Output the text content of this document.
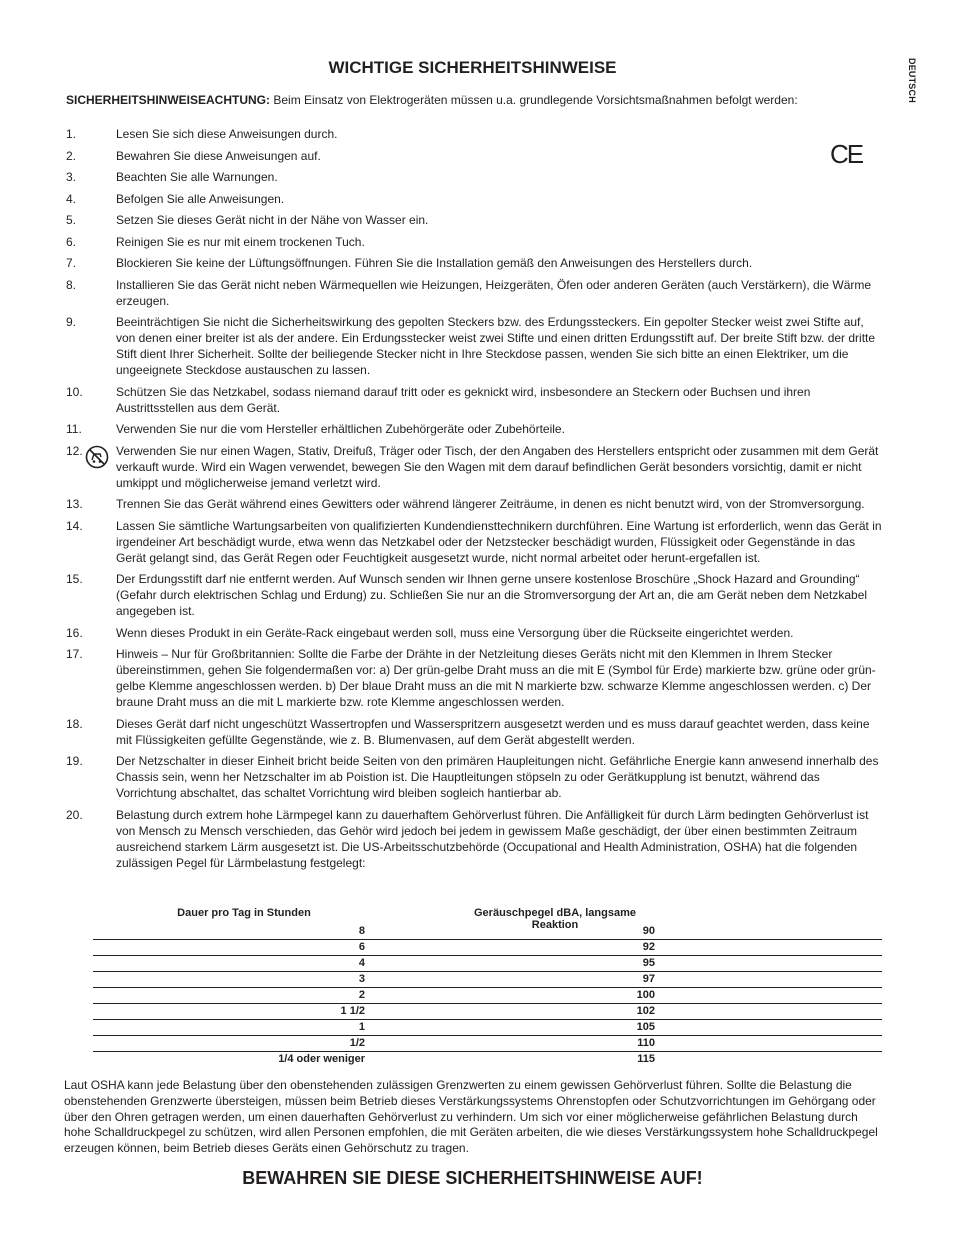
DEUTSCH
WICHTIGE SICHERHEITSHINWEISE
SICHERHEITSHINWEISEACHTUNG: Beim Einsatz von Elektrogeräten müssen u.a. grundlegende Vorsichtsmaßnahmen befolgt werden:
CE
1.	Lesen Sie sich diese Anweisungen durch.
2.	Bewahren Sie diese Anweisungen auf.
3.	Beachten Sie alle Warnungen.
4.	Befolgen Sie alle Anweisungen.
5.	Setzen Sie dieses Gerät nicht in der Nähe von Wasser ein.
6.	Reinigen Sie es nur mit einem trockenen Tuch.
7.	Blockieren Sie keine der Lüftungsöffnungen. Führen Sie die Installation gemäß den Anweisungen des Herstellers durch.
8.	Installieren Sie das Gerät nicht neben Wärmequellen wie Heizungen, Heizgeräten, Öfen oder anderen Geräten (auch Verstärkern), die Wärme erzeugen.
9.	Beeinträchtigen Sie nicht die Sicherheitswirkung des gepolten Steckers bzw. des Erdungssteckers. Ein gepolter Stecker weist zwei Stifte auf, von denen einer breiter ist als der andere. Ein Erdungsstecker weist zwei Stifte und einen dritten Erdungsstift auf. Der breite Stift bzw. der dritte Stift dient Ihrer Sicherheit. Sollte der beiliegende Stecker nicht in Ihre Steckdose passen, wenden Sie sich bitte an einen Elektriker, um die ungeeignete Steckdose austauschen zu lassen.
10.	Schützen Sie das Netzkabel, sodass niemand darauf tritt oder es geknickt wird, insbesondere an Steckern oder Buchsen und ihren Austrittsstellen aus dem Gerät.
11.	Verwenden Sie nur die vom Hersteller erhältlichen Zubehörgeräte oder Zubehörteile.
12.	Verwenden Sie nur einen Wagen, Stativ, Dreifuß, Träger oder Tisch, der den Angaben des Herstellers entspricht oder zusammen mit dem Gerät verkauft wurde. Wird ein Wagen verwendet, bewegen Sie den Wagen mit dem darauf befindlichen Gerät besonders vorsichtig, damit er nicht umkippt und möglicherweise jemand verletzt wird.
13.	Trennen Sie das Gerät während eines Gewitters oder während längerer Zeiträume, in denen es nicht benutzt wird, von der Stromversorgung.
14.	Lassen Sie sämtliche Wartungsarbeiten von qualifizierten Kundendiensttechnikern durchführen. Eine Wartung ist erforderlich, wenn das Gerät in irgendeiner Art beschädigt wurde, etwa wenn das Netzkabel oder der Netzstecker beschädigt wurden, Flüssigkeit oder Gegenstände in das Gerät gelangt sind, das Gerät Regen oder Feuchtigkeit ausgesetzt wurde, nicht normal arbeitet oder herunt-ergefallen ist.
15.	Der Erdungsstift darf nie entfernt werden. Auf Wunsch senden wir Ihnen gerne unsere kostenlose Broschüre „Shock Hazard and Grounding“ (Gefahr durch elektrischen Schlag und Erdung) zu. Schließen Sie nur an die Stromversorgung der Art an, die am Gerät neben dem Netzkabel angegeben ist.
16.	Wenn dieses Produkt in ein Geräte-Rack eingebaut werden soll, muss eine Versorgung über die Rückseite eingerichtet werden.
17.	Hinweis – Nur für Großbritannien: Sollte die Farbe der Drähte in der Netzleitung dieses Geräts nicht mit den Klemmen in Ihrem Stecker übereinstimmen, gehen Sie folgendermaßen vor: a) Der grün-gelbe Draht muss an die mit E (Symbol für Erde) markierte bzw. grüne oder grün-gelbe Klemme angeschlossen werden. b) Der blaue Draht muss an die mit N markierte bzw. schwarze Klemme angeschlossen werden. c) Der braune Draht muss an die mit L markierte bzw. rote Klemme angeschlossen werden.
18.	Dieses Gerät darf nicht ungeschützt Wassertropfen und Wasserspritzern ausgesetzt werden und es muss darauf geachtet werden, dass keine mit Flüssigkeiten gefüllte Gegenstände, wie z. B. Blumenvasen, auf dem Gerät abgestellt werden.
19.	Der Netzschalter in dieser Einheit bricht beide Seiten von den primären Haupleitungen nicht. Gefährliche Energie kann anwesend innerhalb des Chassis sein, wenn her Netzschalter im ab Poistion ist. Die Hauptleitungen stöpseln zu oder Gerätkupplung ist benutzt, während das Vorrichtung abschaltet, das schaltet Vorrichtung wird bleiben sogleich hantierbar ab.
20.	Belastung durch extrem hohe Lärmpegel kann zu dauerhaftem Gehörverlust führen. Die Anfälligkeit für durch Lärm bedingten Gehörverlust ist von Mensch zu Mensch verschieden, das Gehör wird jedoch bei jedem in gewissem Maße geschädigt, der über einen bestimmten Zeitraum ausreichend starkem Lärm ausgesetzt ist. Die US-Arbeitsschutzbehörde (Occupational and Health Administration, OSHA) hat die folgenden zulässigen Pegel für Lärmbelastung festgelegt:
Dauer pro Tag in Stunden	Geräuschpegel dBA, langsame Reaktion
8	90
6	92
4	95
3	97
2	100
1 1/2	102
1	105
1/2	110
1/4 oder weniger	115
Laut OSHA kann jede Belastung über den obenstehenden zulässigen Grenzwerten zu einem gewissen Gehörverlust führen. Sollte die Belastung die obenstehenden Grenzwerte übersteigen, müssen beim Betrieb dieses Verstärkungssystems Ohrenstopfen oder Schutzvorrichtungen im Gehörgang oder über den Ohren getragen werden, um einen dauerhaften Gehörverlust zu verhindern. Um sich vor einer möglicherweise gefährlichen Belastung durch hohe Schalldruckpegel zu schützen, wird allen Personen empfohlen, die mit Geräten arbeiten, die wie dieses Verstärkungssystem hohe Schalldruckpegel erzeugen können, beim Betrieb dieses Geräts einen Gehörschutz zu tragen.
BEWAHREN SIE DIESE SICHERHEITSHINWEISE AUF!
